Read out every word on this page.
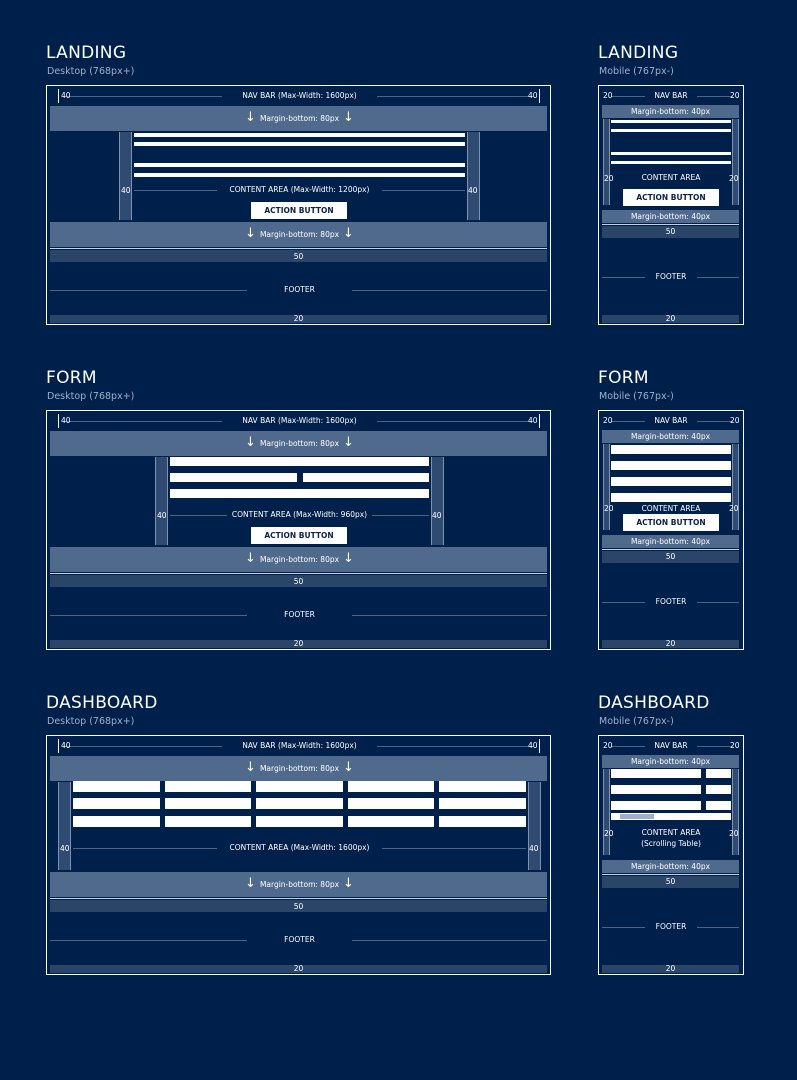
LANDING
Desktop (768px+)
NAV BAR (Max-Width: 1600px)
40	40
↓ Margin-bottom: 80px ↓
40	CONTENT AREA (Max-Width: 1200px)	40
ACTION BUTTON
↓ Margin-bottom: 80px ↓
50
FOOTER
20
LANDING
Mobile (767px-)
NAV BAR
20	20
Margin-bottom: 40px
20	CONTENT AREA	20
ACTION BUTTON
Margin-bottom: 40px
50
FOOTER
20
FORM
Desktop (768px+)
NAV BAR (Max-Width: 1600px)
40	40
↓ Margin-bottom: 80px ↓
40	CONTENT AREA (Max-Width: 960px)	40
ACTION BUTTON
↓ Margin-bottom: 80px ↓
50
FOOTER
20
FORM
Mobile (767px-)
NAV BAR
20	20
Margin-bottom: 40px
20	CONTENT AREA	20
ACTION BUTTON
Margin-bottom: 40px
50
FOOTER
20
DASHBOARD
Desktop (768px+)
NAV BAR (Max-Width: 1600px)
40	40
↓ Margin-bottom: 80px ↓
40	CONTENT AREA (Max-Width: 1600px)	40
↓ Margin-bottom: 80px ↓
50
FOOTER
20
DASHBOARD
Mobile (767px-)
NAV BAR
20	20
Margin-bottom: 40px
20	CONTENT AREA
(Scrolling Table)
20
Margin-bottom: 40px
50
FOOTER
20
